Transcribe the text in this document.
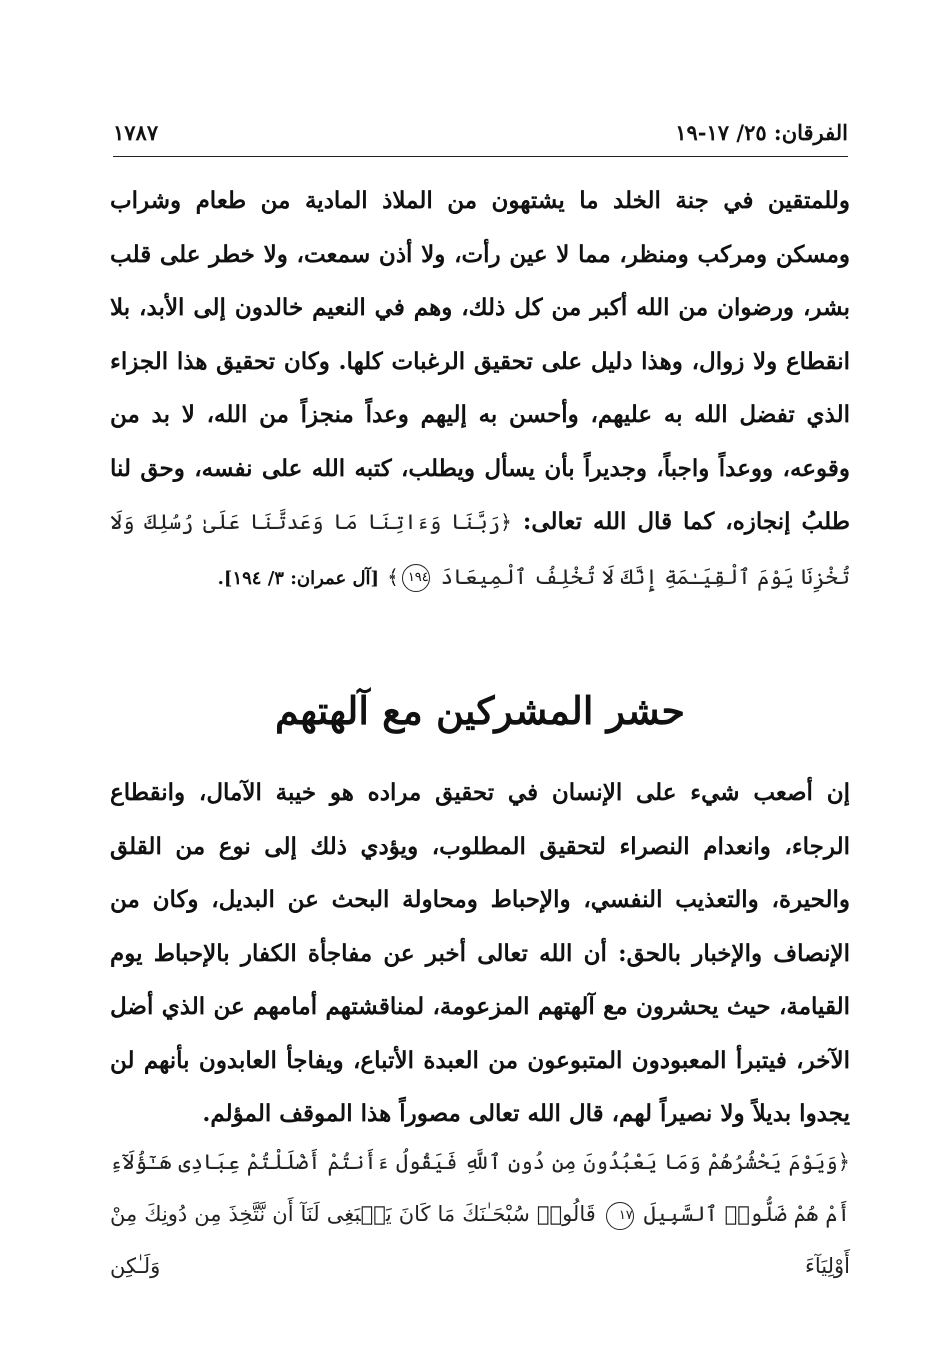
الفرقان: ٢٥/ ١٧-١٩
١٧٨٧

وللمتقين في جنة الخلد ما يشتهون من الملاذ المادية من طعام وشراب ومسكن ومركب ومنظر، مما لا عين رأت، ولا أذن سمعت، ولا خطر على قلب بشر، ورضوان من الله أكبر من كل ذلك، وهم في النعيم خالدون إلى الأبد، بلا انقطاع ولا زوال، وهذا دليل على تحقيق الرغبات كلها. وكان تحقيق هذا الجزاء الذي تفضل الله به عليهم، وأحسن به إليهم وعداً منجزاً من الله، لا بد من وقوعه، ووعداً واجباً، وجديراً بأن يسأل ويطلب، كتبه الله على نفسه، وحق لنا طلبُ إنجازه، كما قال الله تعالى: ﴿رَبَّنَا وَءَاتِنَا مَا وَعَدتَّنَا عَلَىٰ رُسُلِكَ وَلَا تُخْزِنَا يَوْمَ ٱلْقِيَـٰمَةِ إِنَّكَ لَا تُخْلِفُ ٱلْمِيعَادَ ١٩٤﴾ [آل عمران: ٣/ ١٩٤].

حشر المشركين مع آلهتهم

إن أصعب شيء على الإنسان في تحقيق مراده هو خيبة الآمال، وانقطاع الرجاء، وانعدام النصراء لتحقيق المطلوب، ويؤدي ذلك إلى نوع من القلق والحيرة، والتعذيب النفسي، والإحباط ومحاولة البحث عن البديل، وكان من الإنصاف والإخبار بالحق: أن الله تعالى أخبر عن مفاجأة الكفار بالإحباط يوم القيامة، حيث يحشرون مع آلهتهم المزعومة، لمناقشتهم أمامهم عن الذي أضل الآخر، فيتبرأ المعبودون المتبوعون من العبدة الأتباع، ويفاجأ العابدون بأنهم لن يجدوا بديلاً ولا نصيراً لهم، قال الله تعالى مصوراً هذا الموقف المؤلم.

﴿وَيَوْمَ يَحْشُرُهُمْ وَمَا يَعْبُدُونَ مِن دُونِ ٱللَّهِ فَيَقُولُ ءَأَنتُمْ أَضْلَلْتُمْ عِبَادِى هَـٰٓؤُلَآءِ أَمْ هُمْ ضَلُّوا۟ ٱلسَّبِيلَ ١٧ قَالُوا۟ سُبْحَـٰنَكَ مَا كَانَ يَنۢبَغِى لَنَآ أَن نَّتَّخِذَ مِن دُونِكَ مِنْ أَوْلِيَآءَ وَلَـٰكِن
